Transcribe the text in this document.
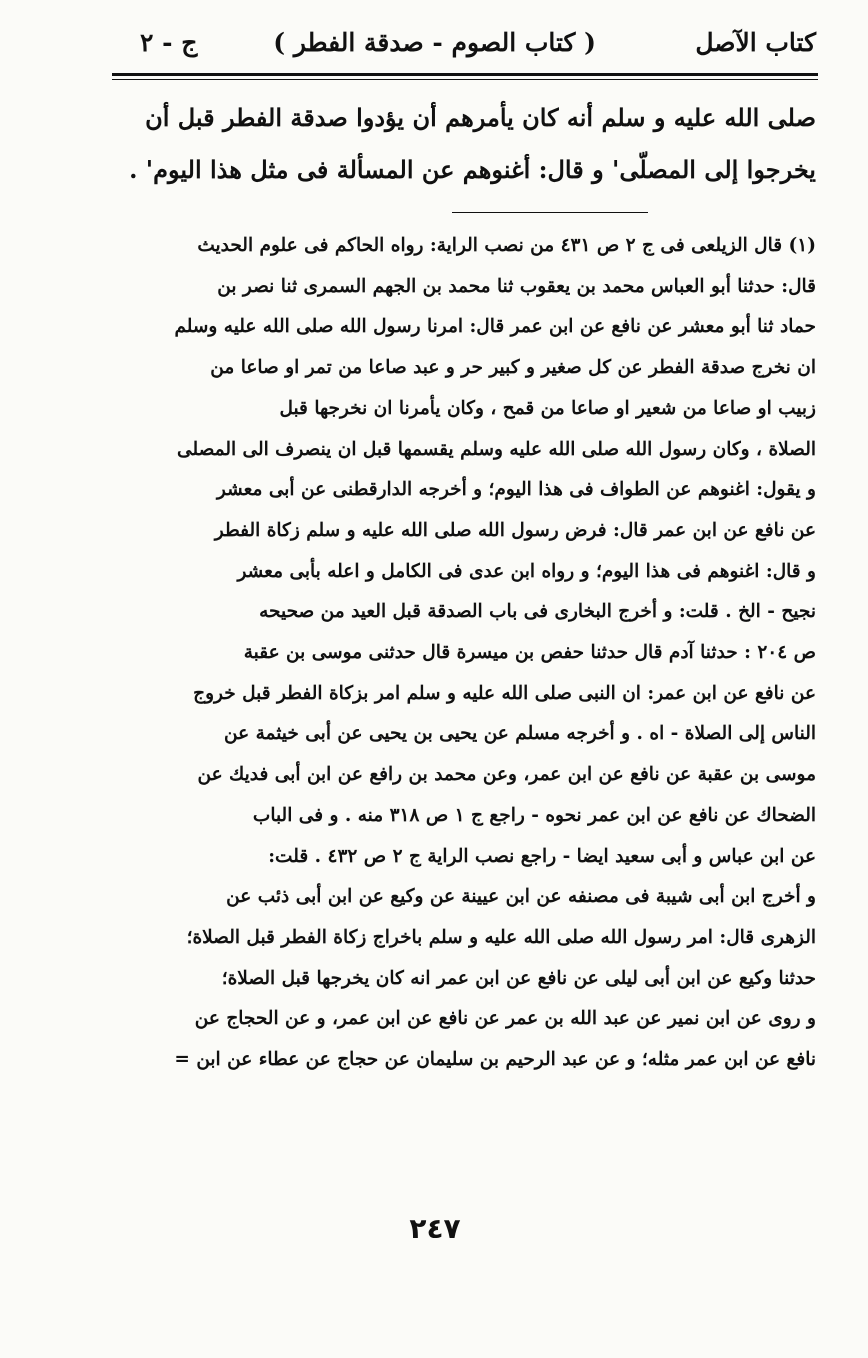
كتاب الآصل
( كتاب الصوم - صدقة الفطر )
ج - ٢
صلى الله عليه و سلم أنه كان يأمرهم أن يؤدوا صدقة الفطر قبل أن
يخرجوا إلى المصلّى' و قال: أغنوهم عن المسألة فى مثل هذا اليوم' .
(١) قال الزيلعى فى ج ٢ ص ٤٣١ من نصب الراية: رواه الحاكم فى علوم الحديث
قال: حدثنا أبو العباس محمد بن يعقوب ثنا محمد بن الجهم السمرى ثنا نصر بن
حماد ثنا أبو معشر عن نافع عن ابن عمر قال: امرنا رسول الله صلى الله عليه وسلم
ان نخرج صدقة الفطر عن كل صغير و كبير حر و عبد صاعا من تمر او صاعا من
زبيب او صاعا من شعير او صاعا من قمح ، وكان يأمرنا ان نخرجها قبل
الصلاة ، وكان رسول الله صلى الله عليه وسلم يقسمها قبل ان ينصرف الى المصلى
و يقول: اغنوهم عن الطواف فى هذا اليوم؛ و أخرجه الدارقطنى عن أبى معشر
عن نافع عن ابن عمر قال: فرض رسول الله صلى الله عليه و سلم زكاة الفطر
و قال: اغنوهم فى هذا اليوم؛ و رواه ابن عدى فى الكامل و اعله بأبى معشر
نجيح - الخ . قلت: و أخرج البخارى فى باب الصدقة قبل العيد من صحيحه
ص ٢٠٤ : حدثنا آدم قال حدثنا حفص بن ميسرة قال حدثنى موسى بن عقبة
عن نافع عن ابن عمر: ان النبى صلى الله عليه و سلم امر بزكاة الفطر قبل خروج
الناس إلى الصلاة - اه . و أخرجه مسلم عن يحيى بن يحيى عن أبى خيثمة عن
موسى بن عقبة عن نافع عن ابن عمر، وعن محمد بن رافع عن ابن أبى فديك عن
الضحاك عن نافع عن ابن عمر نحوه - راجع ج ١ ص ٣١٨ منه . و فى الباب
عن ابن عباس و أبى سعيد ايضا - راجع نصب الراية ج ٢ ص ٤٣٢ . قلت:
و أخرج ابن أبى شيبة فى مصنفه عن ابن عيينة عن وكيع عن ابن أبى ذئب عن
الزهرى قال: امر رسول الله صلى الله عليه و سلم باخراج زكاة الفطر قبل الصلاة؛
حدثنا وكيع عن ابن أبى ليلى عن نافع عن ابن عمر انه كان يخرجها قبل الصلاة؛
و روى عن ابن نمير عن عبد الله بن عمر عن نافع عن ابن عمر، و عن الحجاج عن
نافع عن ابن عمر مثله؛ و عن عبد الرحيم بن سليمان عن حجاج عن عطاء عن ابن =
٢٤٧
